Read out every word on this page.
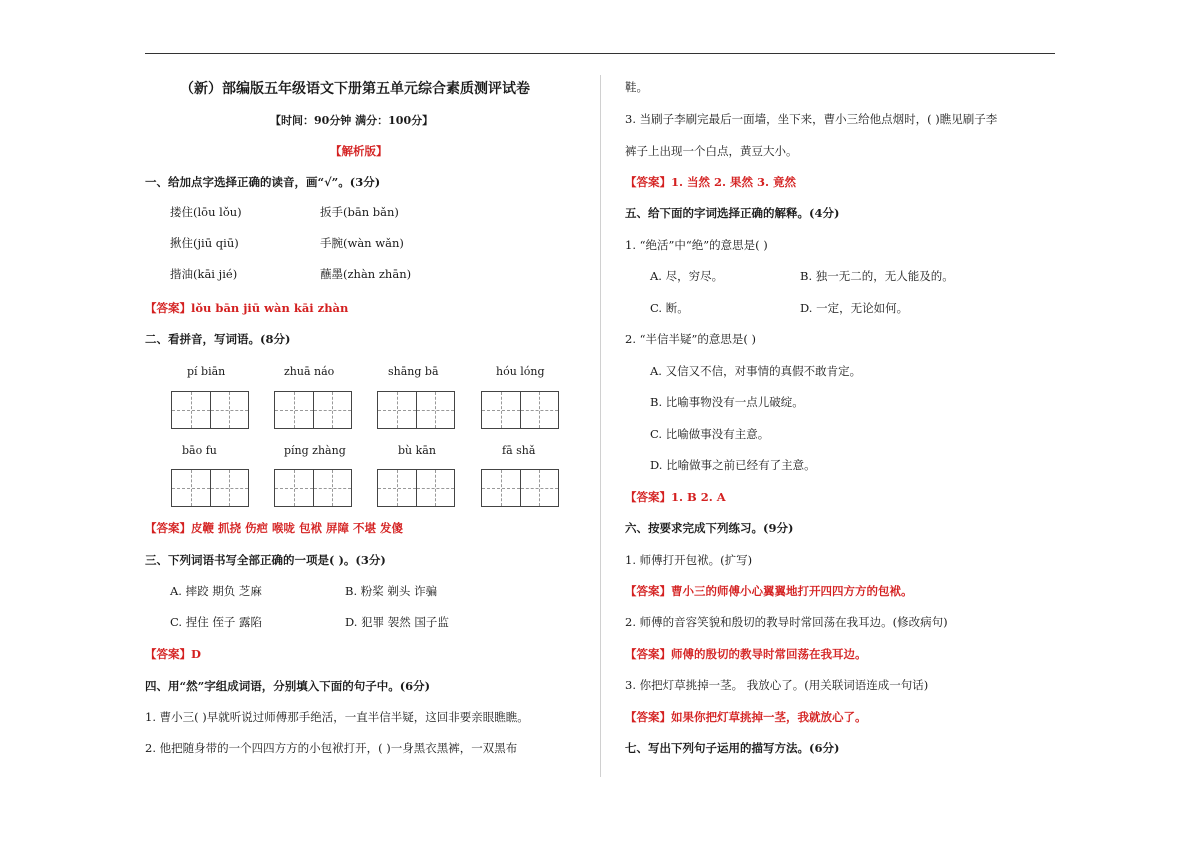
（新）部编版五年级语文下册第五单元综合素质测评试卷
【时间：90分钟 满分：100分】
【解析版】
一、给加点字选择正确的读音，画“√”。(3分)
搂住(lōu lǒu)	扳手(bān bǎn)
揪住(jiū qiū)	手腕(wàn wǎn)
揩油(kāi jié)	蘸墨(zhàn zhān)
【答案】lǒu bān jiū wàn kāi zhàn
二、看拼音，写词语。(8分)
pí biān	zhuā náo	shāng bā	hóu lóng
bāo fu	píng zhàng	bù kān	fā shǎ
【答案】皮鞭 抓挠 伤疤 喉咙 包袱 屏障 不堪 发傻
三、下列词语书写全部正确的一项是( )。(3分)
A. 摔跤 期负 芝麻	B. 粉桨 剃头 诈骗
C. 捏住 侄子 露陷	D. 犯罪 袈然 国子监
【答案】D
四、用“然”字组成词语，分别填入下面的句子中。(6分)
1. 曹小三( )早就听说过师傅那手绝活，一直半信半疑，这回非要亲眼瞧瞧。
2. 他把随身带的一个四四方方的小包袱打开，( )一身黑衣黑裤，一双黑布
鞋。
3. 当刷子李刷完最后一面墙，坐下来，曹小三给他点烟时，( )瞧见刷子李
裤子上出现一个白点，黄豆大小。
【答案】1. 当然 2. 果然 3. 竟然
五、给下面的字词选择正确的解释。(4分)
1. “绝活”中“绝”的意思是( )
A. 尽，穷尽。	B. 独一无二的，无人能及的。
C. 断。	D. 一定，无论如何。
2. “半信半疑”的意思是( )
A. 又信又不信，对事情的真假不敢肯定。
B. 比喻事物没有一点儿破绽。
C. 比喻做事没有主意。
D. 比喻做事之前已经有了主意。
【答案】1. B 2. A
六、按要求完成下列练习。(9分)
1. 师傅打开包袱。(扩写)
【答案】曹小三的师傅小心翼翼地打开四四方方的包袱。
2. 师傅的音容笑貌和殷切的教导时常回荡在我耳边。(修改病句)
【答案】师傅的殷切的教导时常回荡在我耳边。
3. 你把灯草挑掉一茎。 我放心了。(用关联词语连成一句话)
【答案】如果你把灯草挑掉一茎，我就放心了。
七、写出下列句子运用的描写方法。(6分)
